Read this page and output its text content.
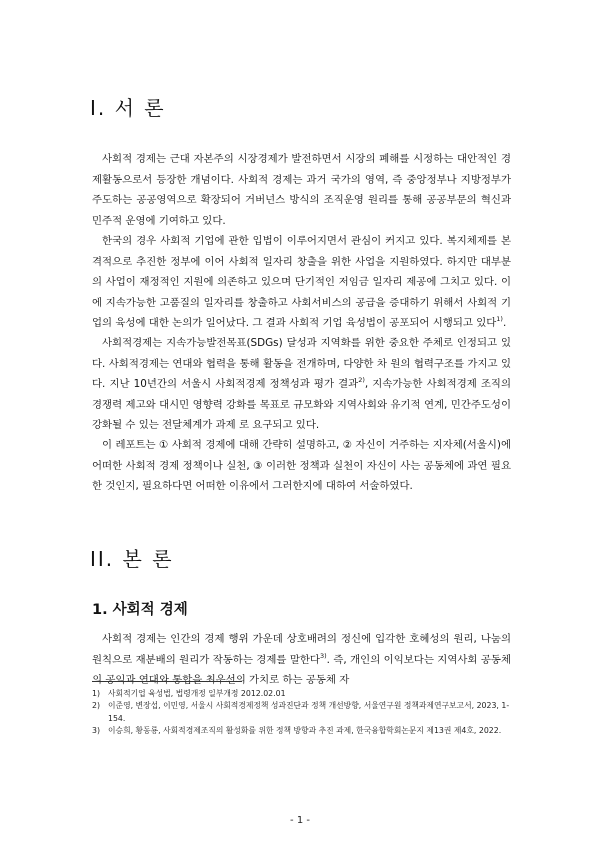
I. 서 론

사회적 경제는 근대 자본주의 시장경제가 발전하면서 시장의 폐해를 시정하는 대안적인 경제활동으로서 등장한 개념이다. 사회적 경제는 과거 국가의 영역, 즉 중앙정부나 지방정부가 주도하는 공공영역으로 확장되어 거버넌스 방식의 조직운영 원리를 통해 공공부문의 혁신과 민주적 운영에 기여하고 있다.

한국의 경우 사회적 기업에 관한 입법이 이루어지면서 관심이 커지고 있다. 복지체제를 본격적으로 추진한 정부에 이어 사회적 일자리 창출을 위한 사업을 지원하였다. 하지만 대부분의 사업이 재정적인 지원에 의존하고 있으며 단기적인 저임금 일자리 제공에 그치고 있다. 이에 지속가능한 고품질의 일자리를 창출하고 사회서비스의 공급을 증대하기 위해서 사회적 기업의 육성에 대한 논의가 일어났다. 그 결과 사회적 기업 육성법이 공포되어 시행되고 있다$^{1)}$.

사회적경제는 지속가능발전목표(SDGs) 달성과 지역화를 위한 중요한 주체로 인정되고 있다. 사회적경제는 연대와 협력을 통해 활동을 전개하며, 다양한 차 원의 협력구조를 가지고 있다. 지난 10년간의 서울시 사회적경제 정책성과 평가 결과$^{2)}$, 지속가능한 사회적경제 조직의 경쟁력 제고와 대시민 영향력 강화를 목표로 규모화와 지역사회와 유기적 연계, 민간주도성이 강화될 수 있는 전달체계가 과제 로 요구되고 있다.

이 레포트는 ① 사회적 경제에 대해 간략히 설명하고, ② 자신이 거주하는 지자체(서울시)에 어떠한 사회적 경제 정책이나 실천, ③ 이러한 정책과 실천이 자신이 사는 공동체에 과연 필요한 것인지, 필요하다면 어떠한 이유에서 그러한지에 대하여 서술하였다.

II. 본 론
1. 사회적 경제

사회적 경제는 인간의 경제 행위 가운데 상호배려의 정신에 입각한 호혜성의 원리, 나눔의 원칙으로 재분배의 원리가 작동하는 경제를 말한다$^{3)}$. 즉, 개인의 이익보다는 지역사회 공동체의 공익과 연대와 통합을 최우선의 가치로 하는 공동체 자

1) 사회적기업 육성법, 법령개정 일부개정 2012.02.01
2) 이준영, 변장섭, 이민영, 서울시 사회적경제정책 성과진단과 정책 개선방향, 서울연구원 정책과제연구보고서, 2023, 1-154.
3) 이승희, 황동룡, 사회적경제조직의 활성화를 위한 정책 방향과 추진 과제, 한국융합학회논문지 제13권 제4호, 2022.
- 1 -
